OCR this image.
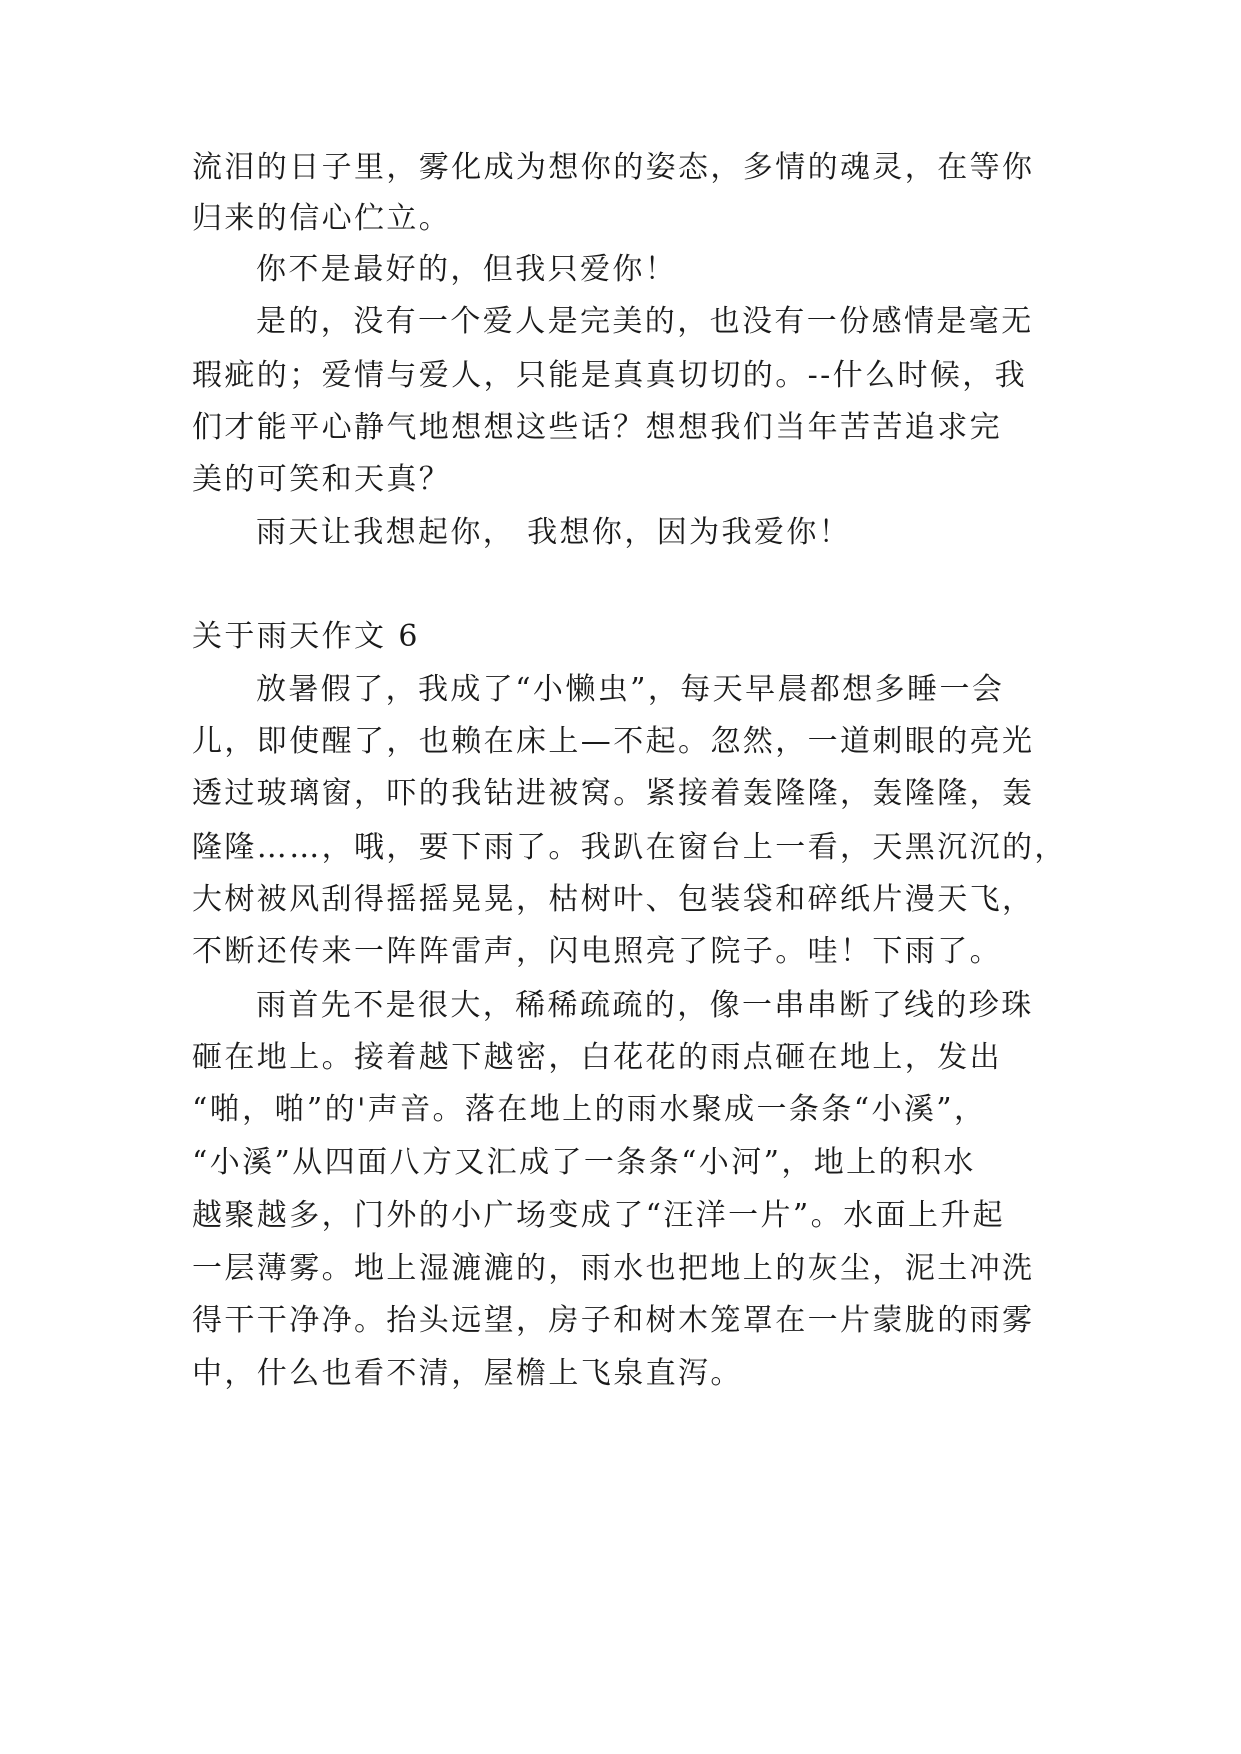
流泪的日子里，雾化成为想你的姿态，多情的魂灵，在等你
归来的信心伫立。
你不是最好的，但我只爱你！
是的，没有一个爱人是完美的，也没有一份感情是毫无
瑕疵的；爱情与爱人，只能是真真切切的。--什么时候，我
们才能平心静气地想想这些话？想想我们当年苦苦追求完
美的可笑和天真？
雨天让我想起你， 我想你，因为我爱你！
关于雨天作文 6
放暑假了，我成了“小懒虫”，每天早晨都想多睡一会
儿，即使醒了，也赖在床上—不起。忽然，一道刺眼的亮光
透过玻璃窗，吓的我钻进被窝。紧接着轰隆隆，轰隆隆，轰
隆隆……，哦，要下雨了。我趴在窗台上一看，天黑沉沉的，
大树被风刮得摇摇晃晃，枯树叶、包装袋和碎纸片漫天飞，
不断还传来一阵阵雷声，闪电照亮了院子。哇！下雨了。
雨首先不是很大，稀稀疏疏的，像一串串断了线的珍珠
砸在地上。接着越下越密，白花花的雨点砸在地上，发出
“啪，啪”的'声音。落在地上的雨水聚成一条条“小溪”，
“小溪”从四面八方又汇成了一条条“小河”，地上的积水
越聚越多，门外的小广场变成了“汪洋一片”。水面上升起
一层薄雾。地上湿漉漉的，雨水也把地上的灰尘，泥土冲洗
得干干净净。抬头远望，房子和树木笼罩在一片蒙胧的雨雾
中，什么也看不清，屋檐上飞泉直泻。
